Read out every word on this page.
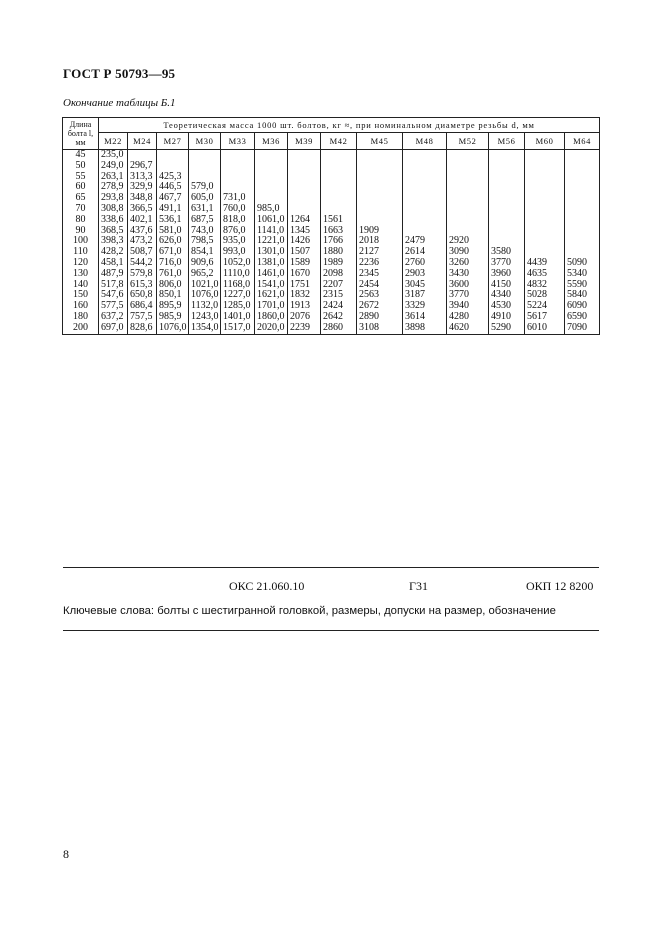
ГОСТ Р 50793—95
Окончание таблицы Б.1
Длина
болта l,
мм	Теоретическая масса 1000 шт. болтов, кг ≈, при номинальном диаметре резьбы d, мм													
	М22	М24	М27	М30	М33	М36	М39	М42	М45	М48	М52	М56	М60	М64
45	235,0													
50	249,0	296,7												
55	263,1	313,3	425,3											
60	278,9	329,9	446,5	579,0										
65	293,8	348,8	467,7	605,0	731,0									
70	308,8	366,5	491,1	631,1	760,0	985,0								
80	338,6	402,1	536,1	687,5	818,0	1061,0	1264	1561						
90	368,5	437,6	581,0	743,0	876,0	1141,0	1345	1663	1909					
100	398,3	473,2	626,0	798,5	935,0	1221,0	1426	1766	2018	2479	2920			
110	428,2	508,7	671,0	854,1	993,0	1301,0	1507	1880	2127	2614	3090	3580		
120	458,1	544,2	716,0	909,6	1052,0	1381,0	1589	1989	2236	2760	3260	3770	4439	5090
130	487,9	579,8	761,0	965,2	1110,0	1461,0	1670	2098	2345	2903	3430	3960	4635	5340
140	517,8	615,3	806,0	1021,0	1168,0	1541,0	1751	2207	2454	3045	3600	4150	4832	5590
150	547,6	650,8	850,1	1076,0	1227,0	1621,0	1832	2315	2563	3187	3770	4340	5028	5840
160	577,5	686,4	895,9	1132,0	1285,0	1701,0	1913	2424	2672	3329	3940	4530	5224	6090
180	637,2	757,5	985,9	1243,0	1401,0	1860,0	2076	2642	2890	3614	4280	4910	5617	6590
200	697,0	828,6	1076,0	1354,0	1517,0	2020,0	2239	2860	3108	3898	4620	5290	6010	7090
ОКС 21.060.10	Г31	ОКП 12 8200
Ключевые слова: болты с шестигранной головкой, размеры, допуски на размер, обозначение
8
